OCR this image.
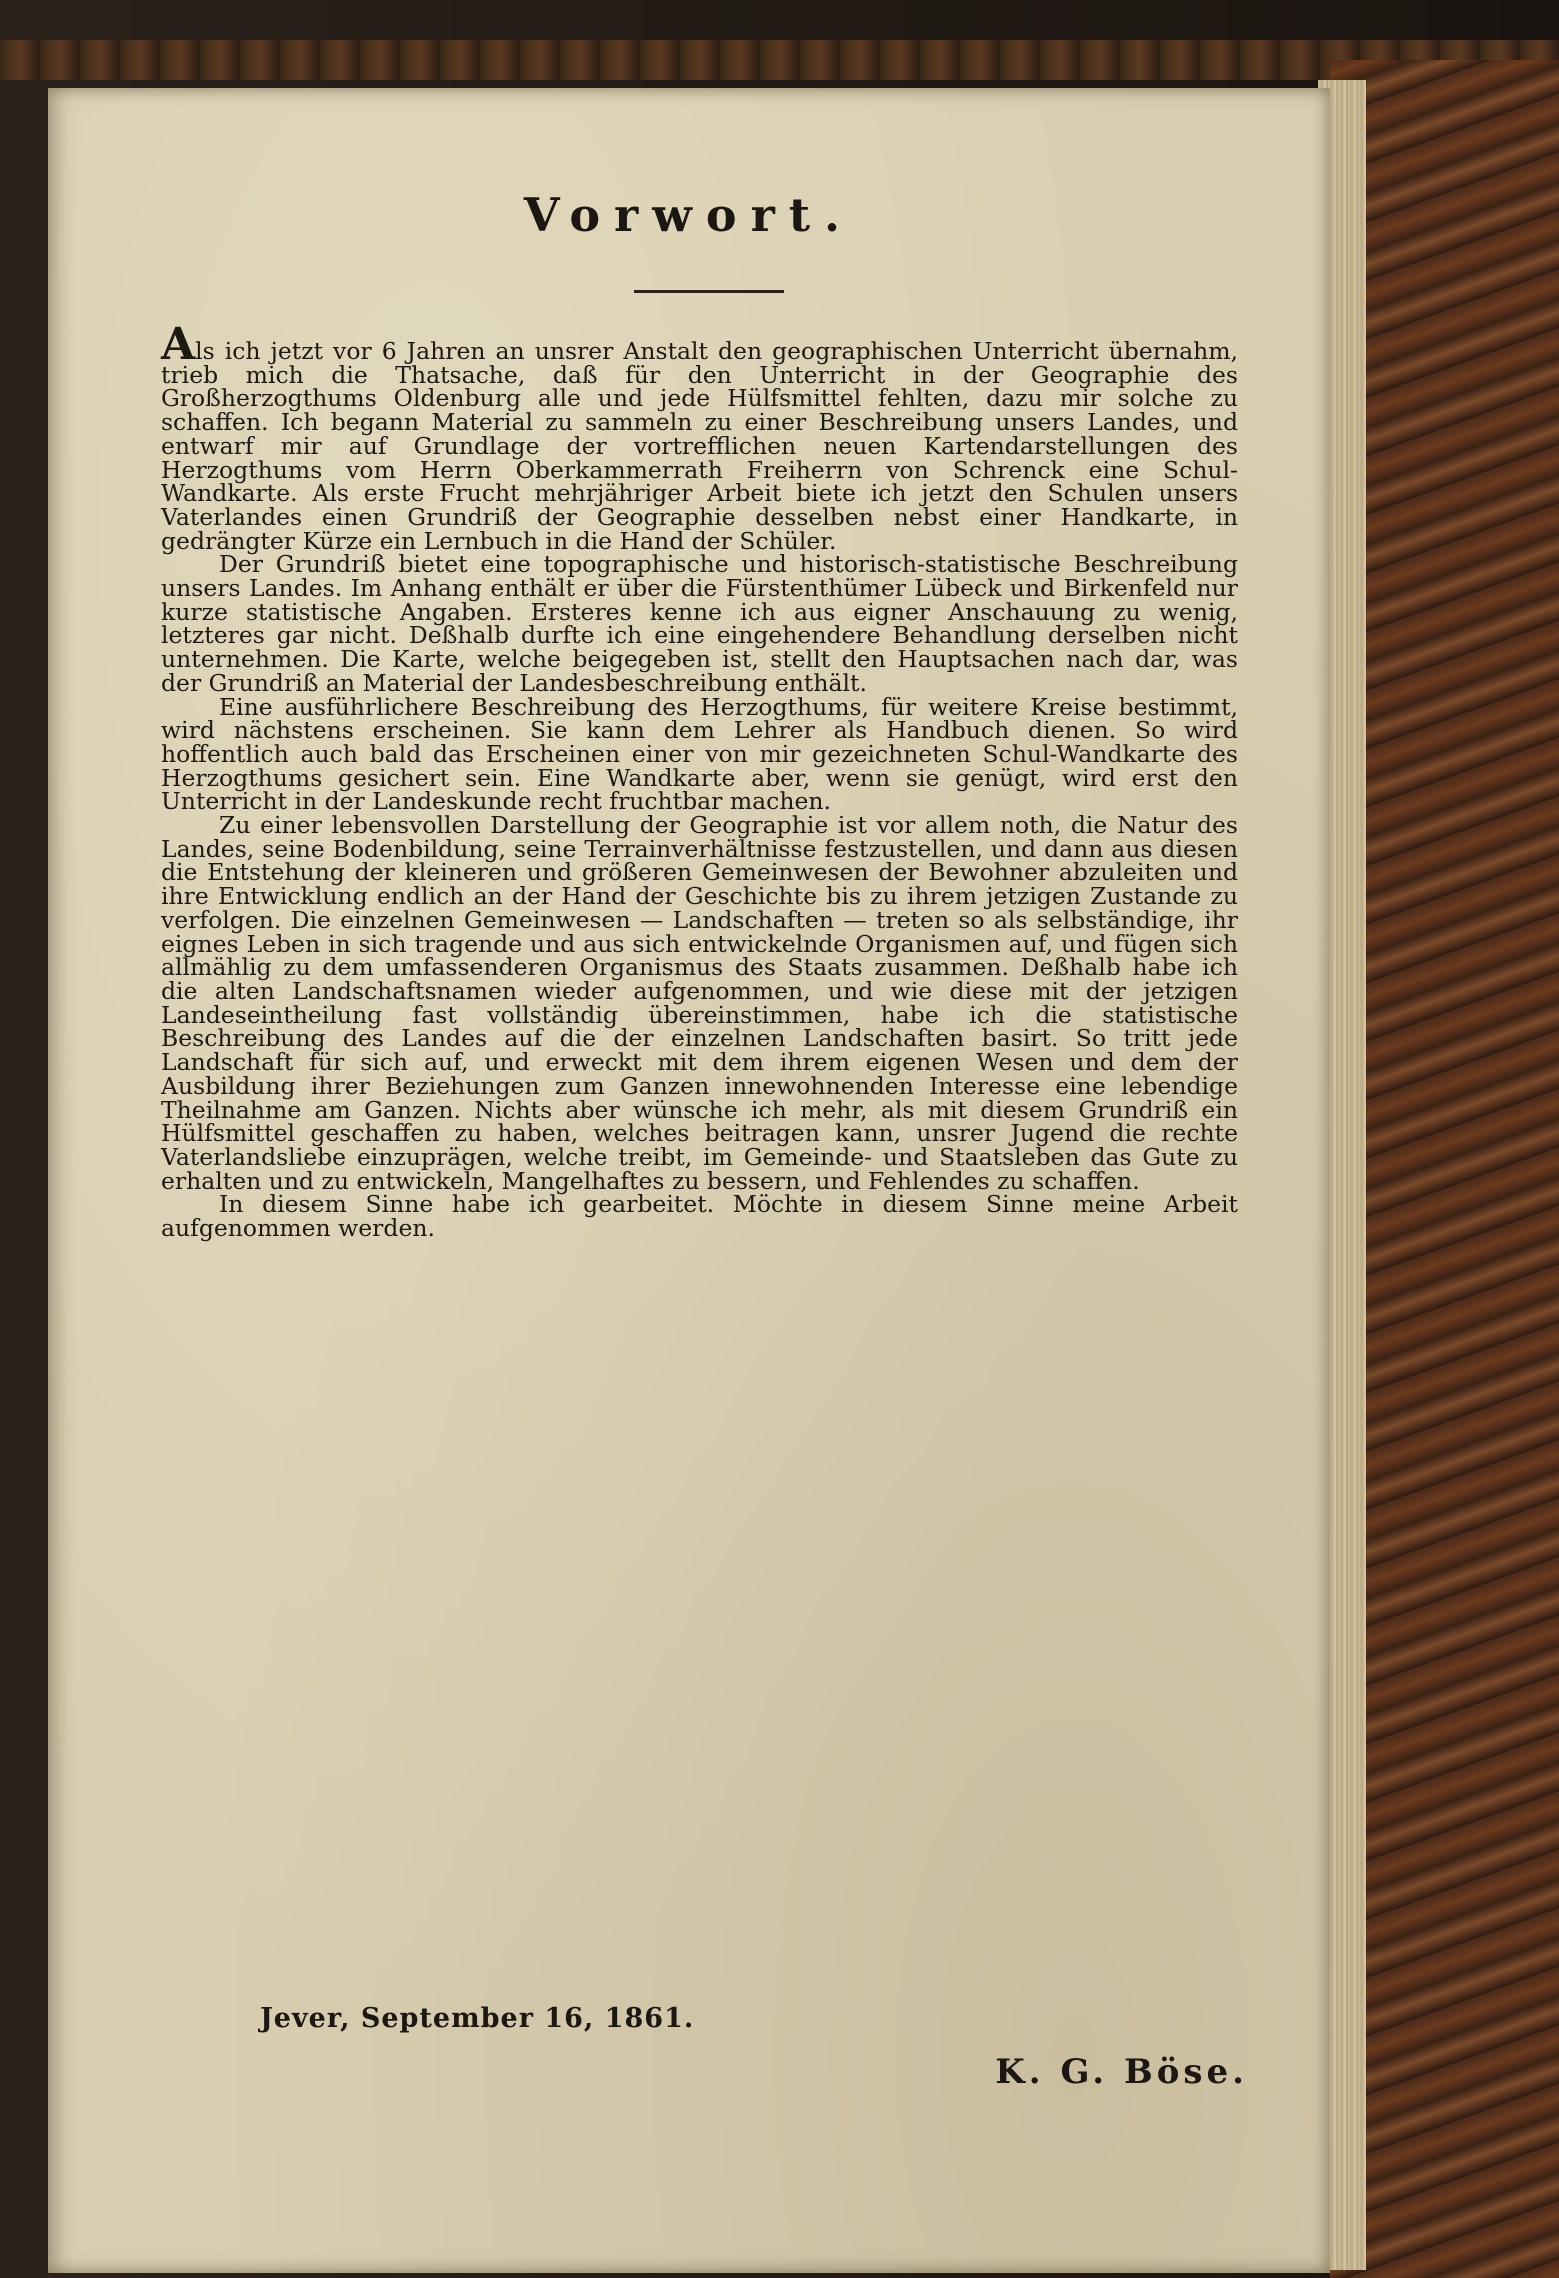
Vorwort.

Als ich jetzt vor 6 Jahren an unsrer Anstalt den geographischen Unterricht übernahm, trieb mich die Thatsache, daß für den Unterricht in der Geographie des Großherzogthums Oldenburg alle und jede Hülfsmittel fehlten, dazu mir solche zu schaffen. Ich begann Material zu sammeln zu einer Beschreibung unsers Landes, und entwarf mir auf Grundlage der vortrefflichen neuen Kartendarstellungen des Herzogthums vom Herrn Oberkammerrath Freiherrn von Schrenck eine Schul-Wandkarte. Als erste Frucht mehrjähriger Arbeit biete ich jetzt den Schulen unsers Vaterlandes einen Grundriß der Geographie desselben nebst einer Handkarte, in gedrängter Kürze ein Lernbuch in die Hand der Schüler.

Der Grundriß bietet eine topographische und historisch-statistische Beschreibung unsers Landes. Im Anhang enthält er über die Fürstenthümer Lübeck und Birkenfeld nur kurze statistische Angaben. Ersteres kenne ich aus eigner Anschauung zu wenig, letzteres gar nicht. Deßhalb durfte ich eine eingehendere Behandlung derselben nicht unternehmen. Die Karte, welche beigegeben ist, stellt den Hauptsachen nach dar, was der Grundriß an Material der Landesbeschreibung enthält.

Eine ausführlichere Beschreibung des Herzogthums, für weitere Kreise bestimmt, wird nächstens erscheinen. Sie kann dem Lehrer als Handbuch dienen. So wird hoffentlich auch bald das Erscheinen einer von mir gezeichneten Schul-Wandkarte des Herzogthums gesichert sein. Eine Wandkarte aber, wenn sie genügt, wird erst den Unterricht in der Landeskunde recht fruchtbar machen.

Zu einer lebensvollen Darstellung der Geographie ist vor allem noth, die Natur des Landes, seine Bodenbildung, seine Terrainverhältnisse festzustellen, und dann aus diesen die Entstehung der kleineren und größeren Gemeinwesen der Bewohner abzuleiten und ihre Entwicklung endlich an der Hand der Geschichte bis zu ihrem jetzigen Zustande zu verfolgen. Die einzelnen Gemeinwesen — Landschaften — treten so als selbständige, ihr eignes Leben in sich tragende und aus sich entwickelnde Organismen auf, und fügen sich allmählig zu dem umfassenderen Organismus des Staats zusammen. Deßhalb habe ich die alten Landschaftsnamen wieder aufgenommen, und wie diese mit der jetzigen Landeseintheilung fast vollständig übereinstimmen, habe ich die statistische Beschreibung des Landes auf die der einzelnen Landschaften basirt. So tritt jede Landschaft für sich auf, und erweckt mit dem ihrem eigenen Wesen und dem der Ausbildung ihrer Beziehungen zum Ganzen innewohnenden Interesse eine lebendige Theilnahme am Ganzen. Nichts aber wünsche ich mehr, als mit diesem Grundriß ein Hülfsmittel geschaffen zu haben, welches beitragen kann, unsrer Jugend die rechte Vaterlandsliebe einzuprägen, welche treibt, im Gemeinde- und Staatsleben das Gute zu erhalten und zu entwickeln, Mangelhaftes zu bessern, und Fehlendes zu schaffen.

In diesem Sinne habe ich gearbeitet. Möchte in diesem Sinne meine Arbeit aufgenommen werden.

Jever, September 16, 1861.
K. G. Böse.
